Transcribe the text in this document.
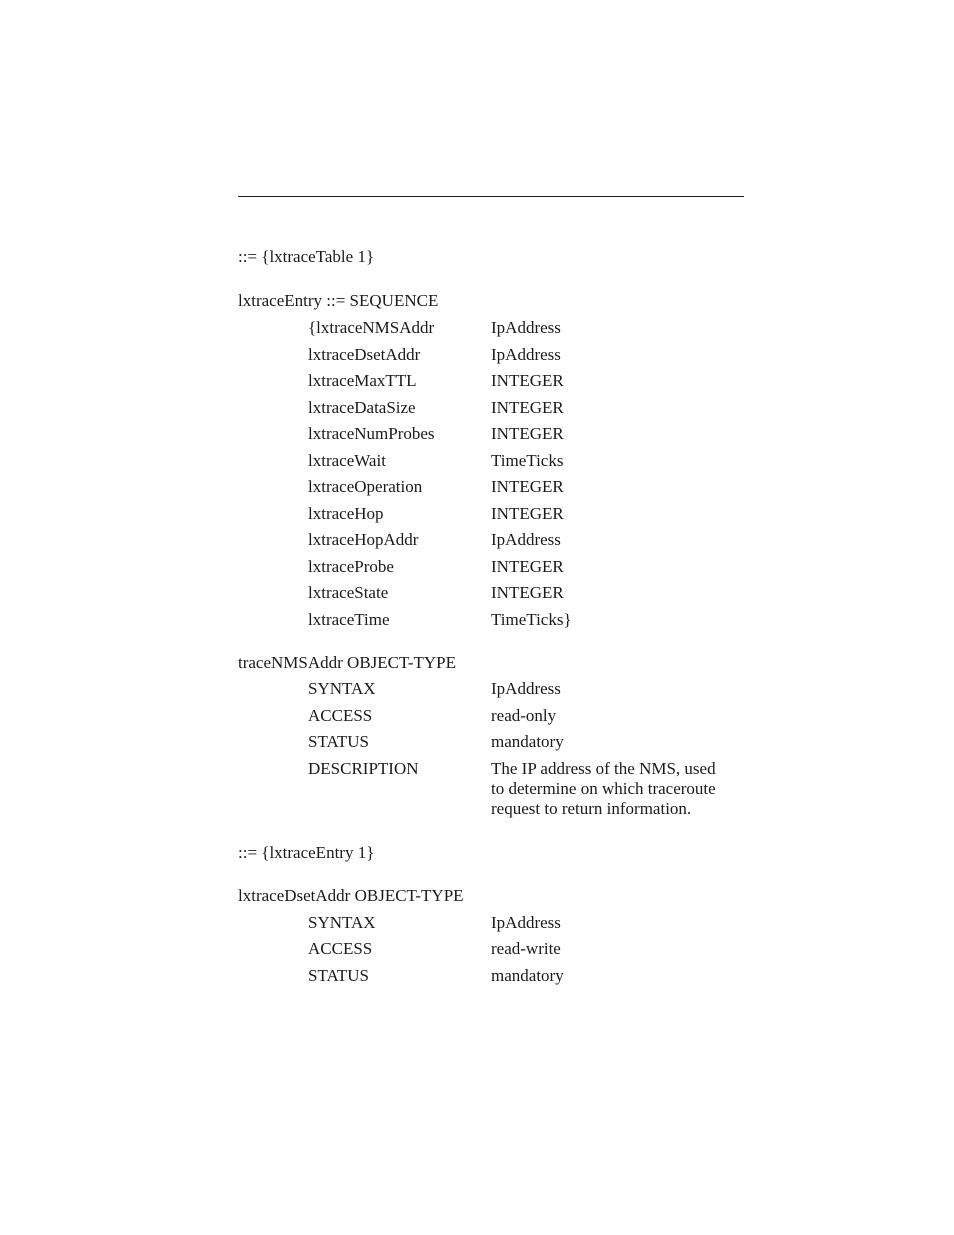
::= {lxtraceTable 1}
lxtraceEntry ::= SEQUENCE
{lxtraceNMSAddr	IpAddress
lxtraceDsetAddr	IpAddress
lxtraceMaxTTL	INTEGER
lxtraceDataSize	INTEGER
lxtraceNumProbes	INTEGER
lxtraceWait	TimeTicks
lxtraceOperation	INTEGER
lxtraceHop	INTEGER
lxtraceHopAddr	IpAddress
lxtraceProbe	INTEGER
lxtraceState	INTEGER
lxtraceTime	TimeTicks}
traceNMSAddr OBJECT-TYPE
SYNTAX	IpAddress
ACCESS	read-only
STATUS	mandatory
DESCRIPTION	The IP address of the NMS, used
to determine on which traceroute
request to return information.
::= {lxtraceEntry 1}
lxtraceDsetAddr OBJECT-TYPE
SYNTAX	IpAddress
ACCESS	read-write
STATUS	mandatory
